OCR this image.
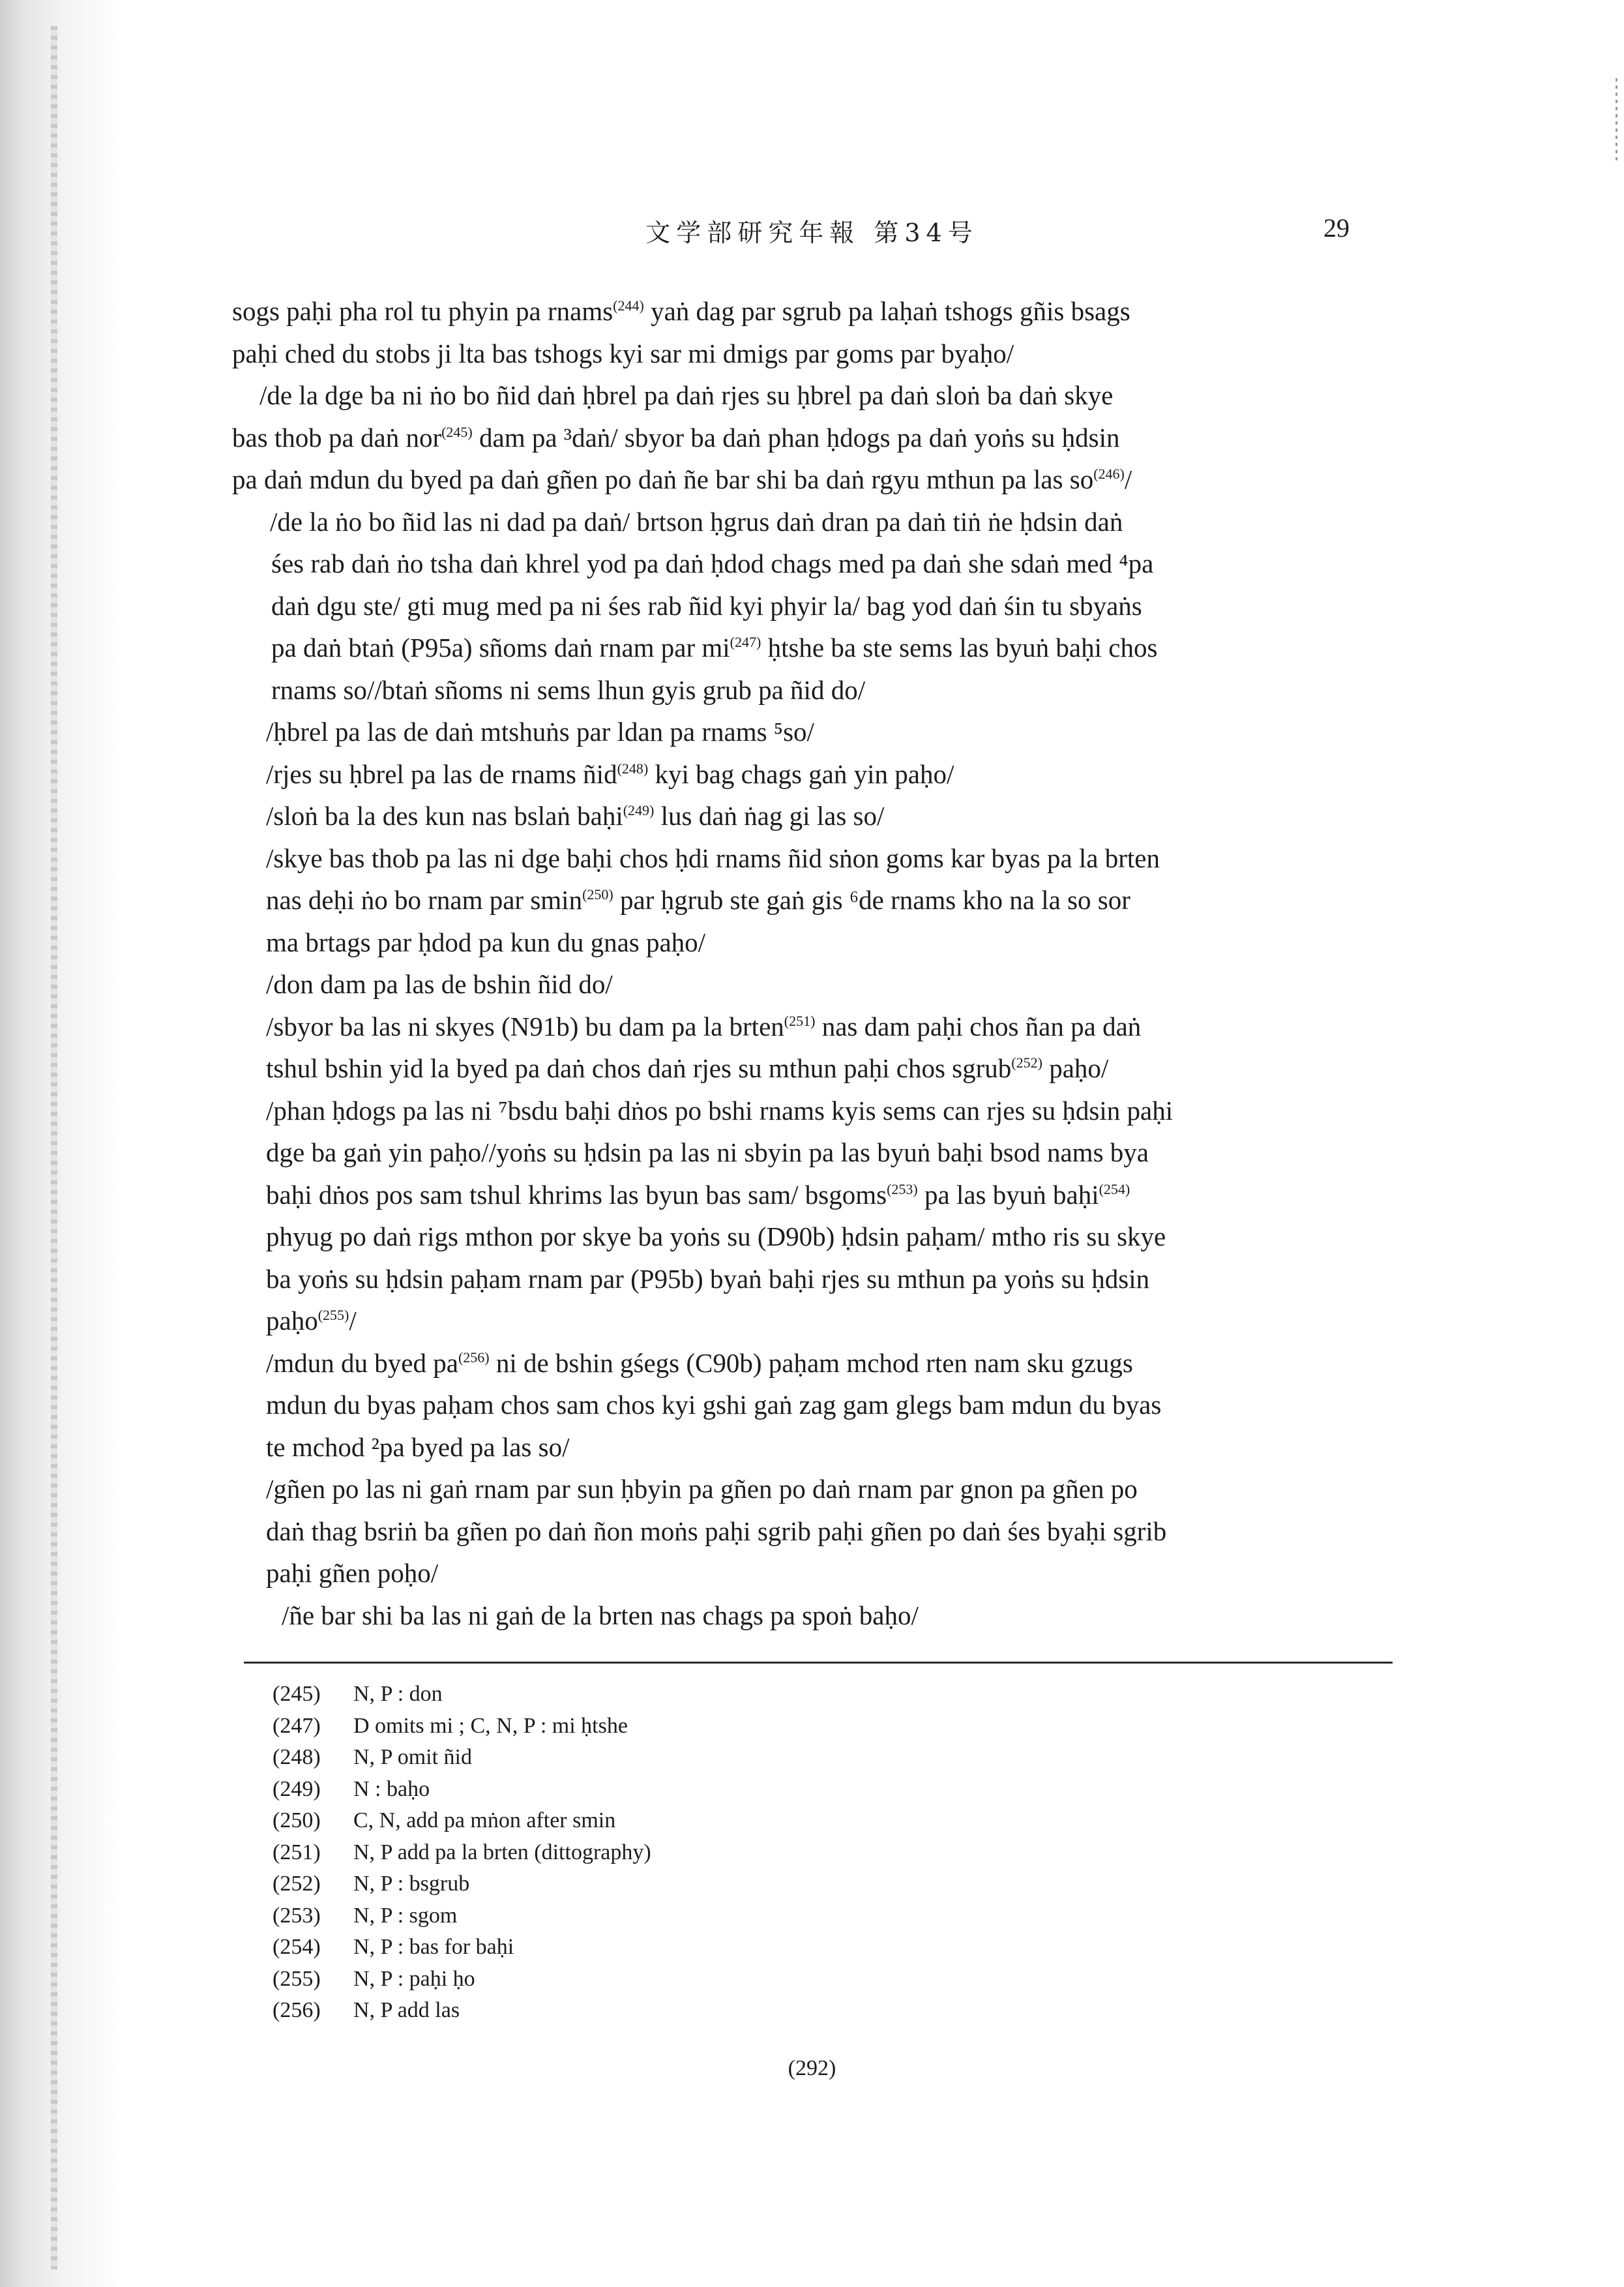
文学部研究年報 第34号	29
sogs paḥi pha rol tu phyin pa rnams$^{(244)}$ yaṅ dag par sgrub pa laḥaṅ tshogs gñis bsags
paḥi ched du stobs ji lta bas tshogs kyi sar mi dmigs par goms par byaḥo/
/de la dge ba ni ṅo bo ñid daṅ ḥbrel pa daṅ rjes su ḥbrel pa daṅ sloṅ ba daṅ skye
bas thob pa daṅ nor$^{(245)}$ dam pa ³daṅ/ sbyor ba daṅ phan ḥdogs pa daṅ yoṅs su ḥdsin
pa daṅ mdun du byed pa daṅ gñen po daṅ ñe bar shi ba daṅ rgyu mthun pa las $so^{(246)}/$
/de la ṅo bo ñid las ni dad pa daṅ/ brtson ḥgrus daṅ dran pa daṅ tiṅ ṅe ḥdsin daṅ
śes rab daṅ ṅo tsha daṅ khrel yod pa daṅ ḥdod chags med pa daṅ she sdaṅ med ⁴pa
daṅ dgu ste/ gti mug med pa ni śes rab ñid kyi phyir la/ bag yod daṅ śin tu sbyaṅs
pa daṅ btaṅ (P95a) sñoms daṅ rnam par $mi^{(247)}$ ḥtshe ba ste sems las byuṅ baḥi chos
rnams so//btaṅ sñoms ni sems lhun gyis grub pa ñid do/
/ḥbrel pa las de daṅ mtshuṅs par ldan pa rnams ⁵so/
/rjes su ḥbrel pa las de rnams ñid$^{(248)}$ kyi bag chags gaṅ yin paḥo/
/sloṅ ba la des kun nas bslaṅ baḥi$^{(249)}$ lus daṅ ṅag gi las so/
/skye bas thob pa las ni dge baḥi chos ḥdi rnams ñid sṅon goms kar byas pa la brten
nas deḥi ṅo bo rnam par smin$^{(250)}$ par ḥgrub ste gaṅ gis ⁶de rnams kho na la so sor
ma brtags par ḥdod pa kun du gnas paḥo/
/don dam pa las de bshin ñid do/
/sbyor ba las ni skyes (N91b) bu dam pa la brten$^{(251)}$ nas dam paḥi chos ñan pa daṅ
tshul bshin yid la byed pa daṅ chos daṅ rjes su mthun paḥi chos sgrub$^{(252)}$ paḥo/
/phan ḥdogs pa las ni ⁷bsdu baḥi dṅos po bshi rnams kyis sems can rjes su ḥdsin paḥi
dge ba gaṅ yin paḥo//yoṅs su ḥdsin pa las ni sbyin pa las byuṅ baḥi bsod nams bya
baḥi dṅos pos sam tshul khrims las byun bas sam/ bsgoms$^{(253)}$ pa las byuṅ baḥi$^{(254)}$
phyug po daṅ rigs mthon por skye ba yoṅs su (D90b) ḥdsin paḥam/ mtho ris su skye
ba yoṅs su ḥdsin paḥam rnam par (P95b) byaṅ baḥi rjes su mthun pa yoṅs su ḥdsin
paḥo$^{(255)}$/
/mdun du byed $pa^{(256)}$ ni de bshin gśegs (C90b) paḥam mchod rten nam sku gzugs
mdun du byas paḥam chos sam chos kyi gshi gaṅ zag gam glegs bam mdun du byas
te mchod ²pa byed pa las so/
/gñen po las ni gaṅ rnam par sun ḥbyin pa gñen po daṅ rnam par gnon pa gñen po
daṅ thag bsriṅ ba gñen po daṅ ñon moṅs paḥi sgrib paḥi gñen po daṅ śes byaḥi sgrib
paḥi gñen poḥo/
/ñe bar shi ba las ni gaṅ de la brten nas chags pa spoṅ baḥo/
(245) N, P : don
(247) D omits mi ; C, N, P : mi ḥtshe
(248) N, P omit ñid
(249) N : baḥo
(250) C, N, add pa mṅon after smin
(251) N, P add pa la brten (dittography)
(252) N, P : bsgrub
(253) N, P : sgom
(254) N, P : bas for baḥi
(255) N, P : paḥi ḥo
(256) N, P add las
(292)
